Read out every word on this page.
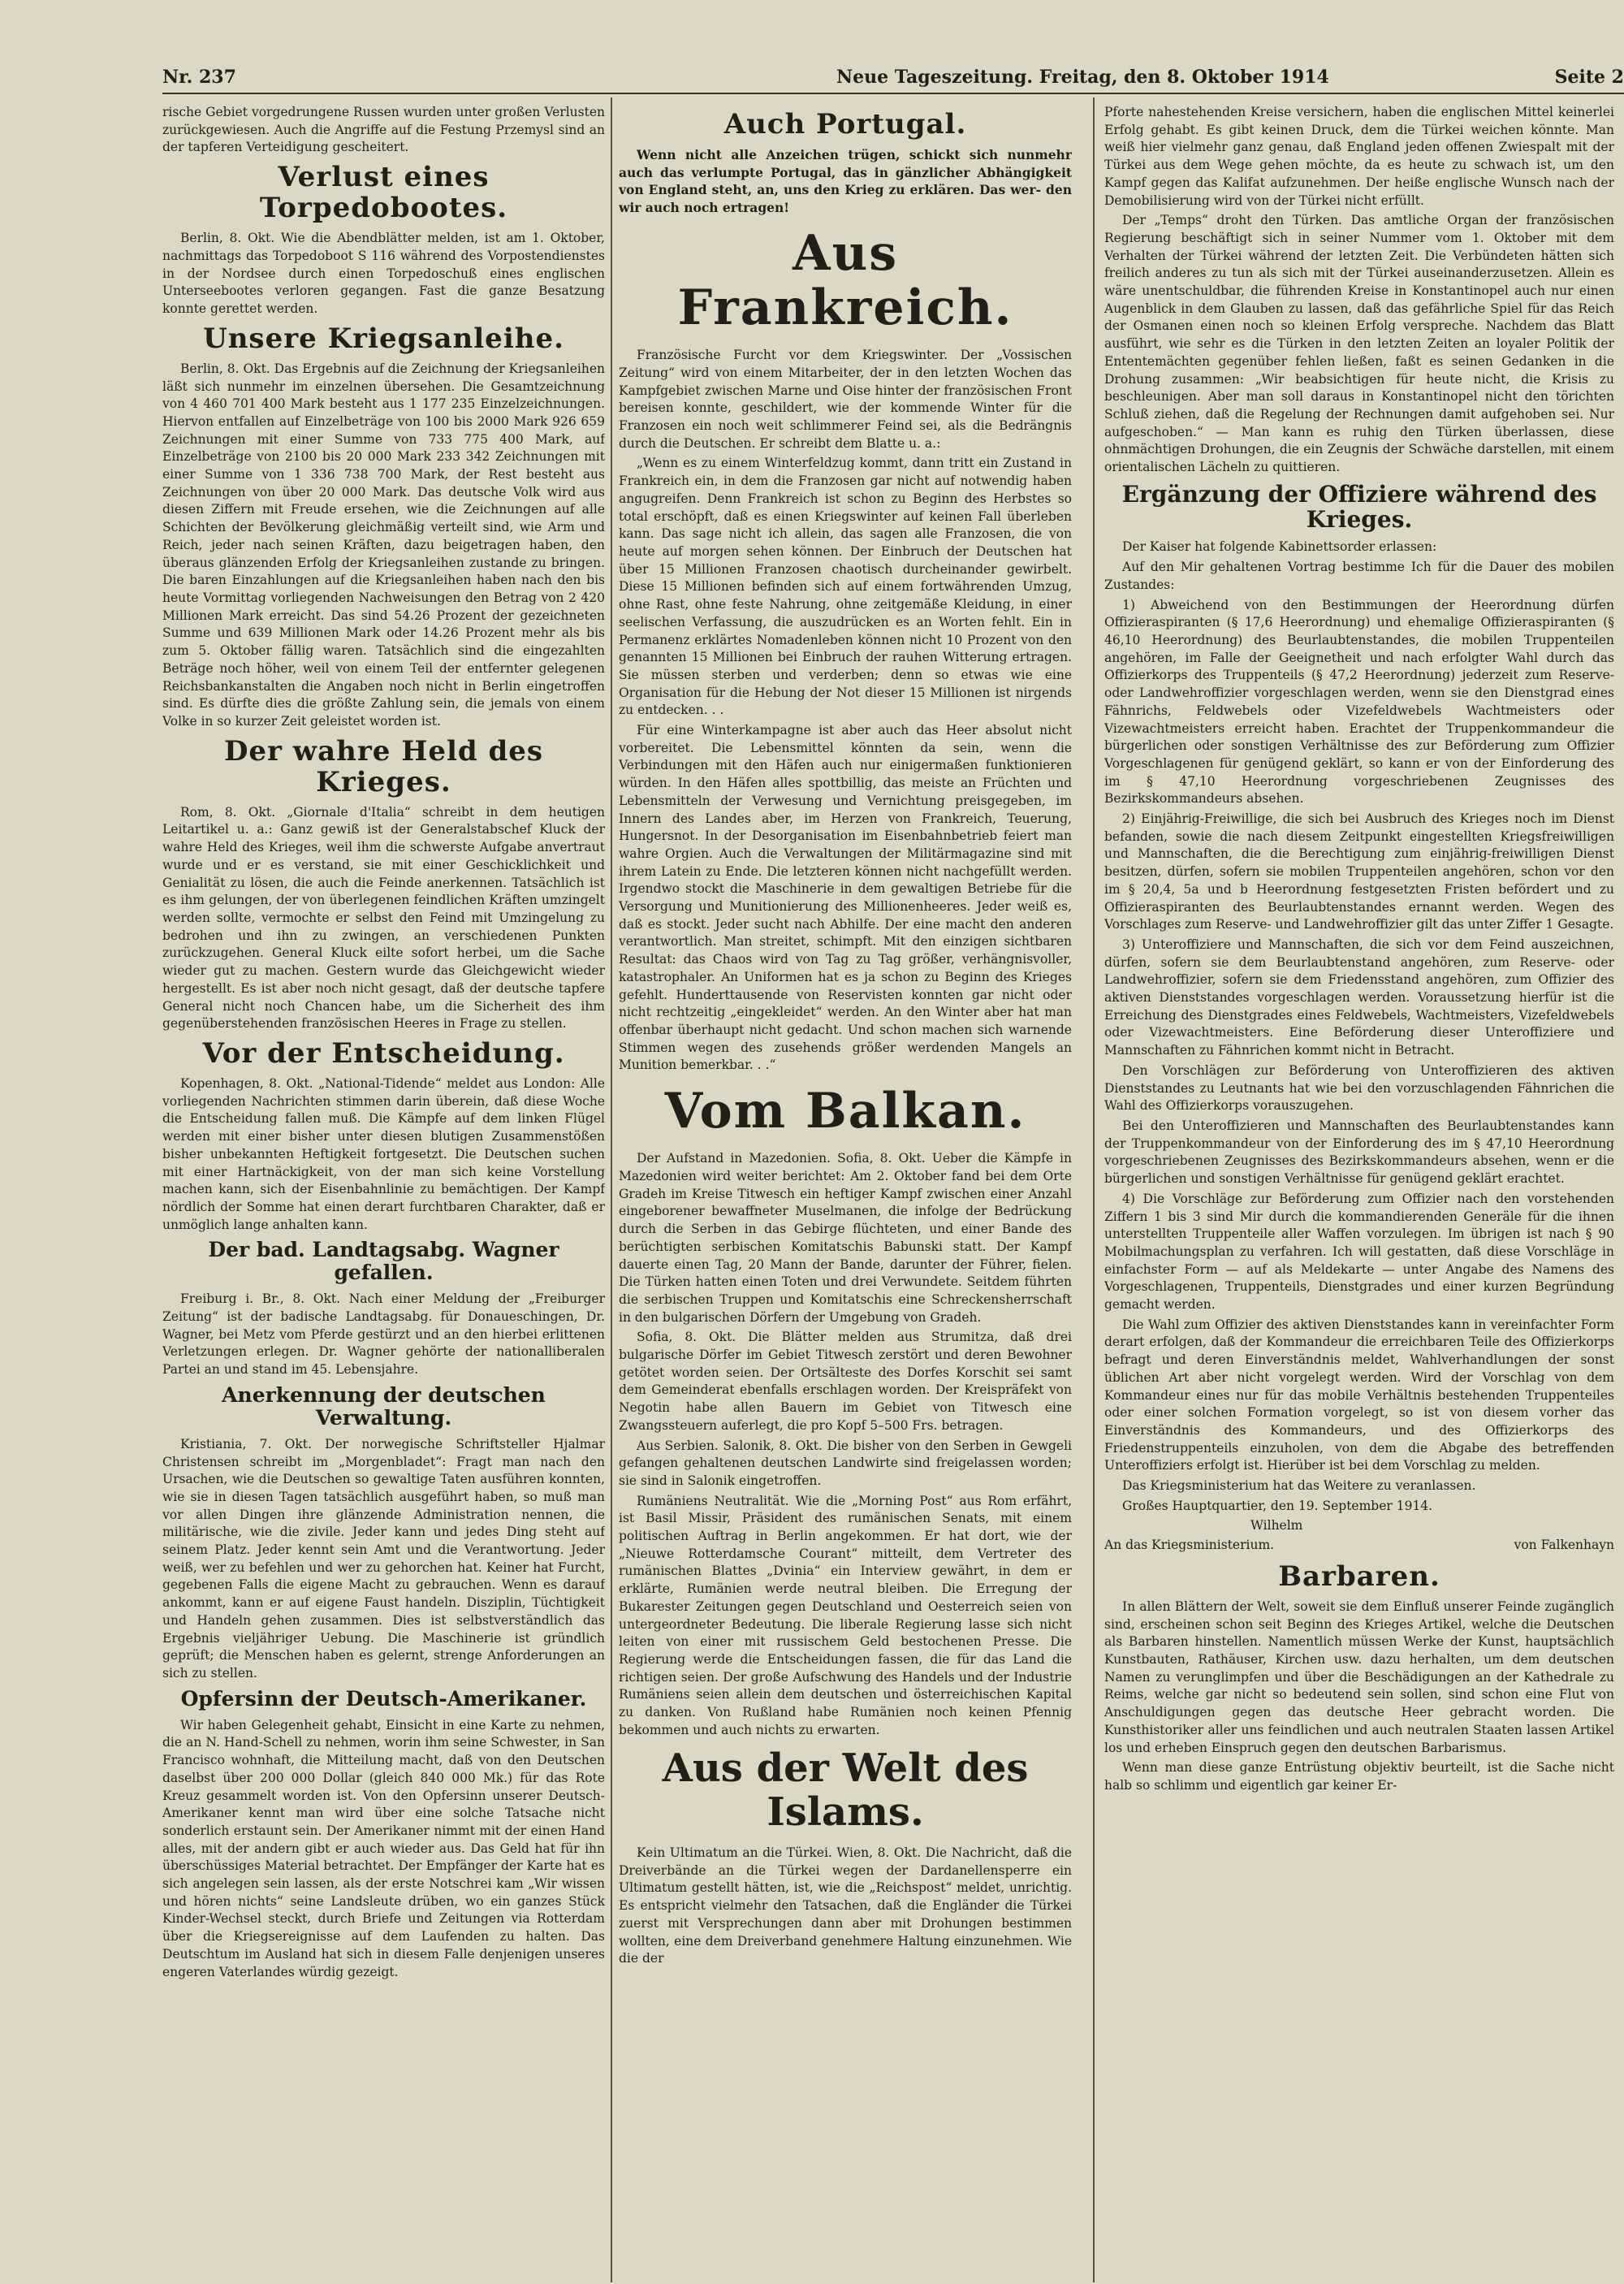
Nr. 237	Neue Tageszeitung. Freitag, den 8. Oktober 1914	Seite 2

rische Gebiet vorgedrungene Russen wurden unter großen Verlusten zurückgewiesen. Auch die Angriffe auf die Festung Przemysl sind an der tapferen Verteidigung gescheitert.

Verlust eines Torpedobootes.

Berlin, 8. Okt. Wie die Abendblätter melden, ist am 1. Oktober, nachmittags das Torpedoboot S 116 während des Vorpostendienstes in der Nordsee durch einen Torpedoschuß eines englischen Unterseebootes verloren gegangen. Fast die ganze Besatzung konnte gerettet werden.

Unsere Kriegsanleihe.

Berlin, 8. Okt. Das Ergebnis auf die Zeichnung der Kriegsanleihen läßt sich nunmehr im einzelnen übersehen. Die Gesamtzeichnung von 4 460 701 400 Mark besteht aus 1 177 235 Einzelzeichnungen. Hiervon entfallen auf Einzelbeträge von 100 bis 2000 Mark 926 659 Zeichnungen mit einer Summe von 733 775 400 Mark, auf Einzelbeträge von 2100 bis 20 000 Mark 233 342 Zeichnungen mit einer Summe von 1 336 738 700 Mark, der Rest besteht aus Zeichnungen von über 20 000 Mark. Das deutsche Volk wird aus diesen Ziffern mit Freude ersehen, wie die Zeichnungen auf alle Schichten der Bevölkerung gleichmäßig verteilt sind, wie Arm und Reich, jeder nach seinen Kräften, dazu beigetragen haben, den überaus glänzenden Erfolg der Kriegsanleihen zustande zu bringen. Die baren Einzahlungen auf die Kriegsanleihen haben nach den bis heute Vormittag vorliegenden Nachweisungen den Betrag von 2 420 Millionen Mark erreicht. Das sind 54.26 Prozent der gezeichneten Summe und 639 Millionen Mark oder 14.26 Prozent mehr als bis zum 5. Oktober fällig waren. Tatsächlich sind die eingezahlten Beträge noch höher, weil von einem Teil der entfernter gelegenen Reichsbankanstalten die Angaben noch nicht in Berlin eingetroffen sind. Es dürfte dies die größte Zahlung sein, die jemals von einem Volke in so kurzer Zeit geleistet worden ist.

Der wahre Held des Krieges.

Rom, 8. Okt. „Giornale d'Italia“ schreibt in dem heutigen Leitartikel u. a.: Ganz gewiß ist der Generalstabschef Kluck der wahre Held des Krieges, weil ihm die schwerste Aufgabe anvertraut wurde und er es verstand, sie mit einer Geschicklichkeit und Genialität zu lösen, die auch die Feinde anerkennen. Tatsächlich ist es ihm gelungen, der von überlegenen feindlichen Kräften umzingelt werden sollte, vermochte er selbst den Feind mit Umzingelung zu bedrohen und ihn zu zwingen, an verschiedenen Punkten zurückzugehen. General Kluck eilte sofort herbei, um die Sache wieder gut zu machen. Gestern wurde das Gleichgewicht wieder hergestellt. Es ist aber noch nicht gesagt, daß der deutsche tapfere General nicht noch Chancen habe, um die Sicherheit des ihm gegenüberstehenden französischen Heeres in Frage zu stellen.

Vor der Entscheidung.

Kopenhagen, 8. Okt. „National-Tidende“ meldet aus London: Alle vorliegenden Nachrichten stimmen darin überein, daß diese Woche die Entscheidung fallen muß. Die Kämpfe auf dem linken Flügel werden mit einer bisher unter diesen blutigen Zusammenstößen bisher unbekannten Heftigkeit fortgesetzt. Die Deutschen suchen mit einer Hartnäckigkeit, von der man sich keine Vorstellung machen kann, sich der Eisenbahnlinie zu bemächtigen. Der Kampf nördlich der Somme hat einen derart furchtbaren Charakter, daß er unmöglich lange anhalten kann.

Der bad. Landtagsabg. Wagner gefallen.

Freiburg i. Br., 8. Okt. Nach einer Meldung der „Freiburger Zeitung“ ist der badische Landtagsabg. für Donaueschingen, Dr. Wagner, bei Metz vom Pferde gestürzt und an den hierbei erlittenen Verletzungen erlegen. Dr. Wagner gehörte der nationalliberalen Partei an und stand im 45. Lebensjahre.

Anerkennung der deutschen Verwaltung.

Kristiania, 7. Okt. Der norwegische Schriftsteller Hjalmar Christensen schreibt im „Morgenbladet“: Fragt man nach den Ursachen, wie die Deutschen so gewaltige Taten ausführen konnten, wie sie in diesen Tagen tatsächlich ausgeführt haben, so muß man vor allen Dingen ihre glänzende Administration nennen, die militärische, wie die zivile. Jeder kann und jedes Ding steht auf seinem Platz. Jeder kennt sein Amt und die Verantwortung. Jeder weiß, wer zu befehlen und wer zu gehorchen hat. Keiner hat Furcht, gegebenen Falls die eigene Macht zu gebrauchen. Wenn es darauf ankommt, kann er auf eigene Faust handeln. Disziplin, Tüchtigkeit und Handeln gehen zusammen. Dies ist selbstverständlich das Ergebnis vieljähriger Uebung. Die Maschinerie ist gründlich geprüft; die Menschen haben es gelernt, strenge Anforderungen an sich zu stellen.

Opfersinn der Deutsch-Amerikaner.

Wir haben Gelegenheit gehabt, Einsicht in eine Karte zu nehmen, die an N. Hand-Schell zu nehmen, worin ihm seine Schwester, in San Francisco wohnhaft, die Mitteilung macht, daß von den Deutschen daselbst über 200 000 Dollar (gleich 840 000 Mk.) für das Rote Kreuz gesammelt worden ist. Von den Opfersinn unserer Deutsch-Amerikaner kennt man wird über eine solche Tatsache nicht sonderlich erstaunt sein. Der Amerikaner nimmt mit der einen Hand alles, mit der andern gibt er auch wieder aus. Das Geld hat für ihn überschüssiges Material betrachtet. Der Empfänger der Karte hat es sich angelegen sein lassen, als der erste Notschrei kam „Wir wissen und hören nichts“ seine Landsleute drüben, wo ein ganzes Stück Kinder-Wechsel steckt, durch Briefe und Zeitungen via Rotterdam über die Kriegsereignisse auf dem Laufenden zu halten. Das Deutschtum im Ausland hat sich in diesem Falle denjenigen unseres engeren Vaterlandes würdig gezeigt.

Auch Portugal.

Wenn nicht alle Anzeichen trügen, schickt sich nunmehr auch das verlumpte Portugal, das in gänzlicher Abhängigkeit von England steht, an, uns den Krieg zu erklären. Das wer- den wir auch noch ertragen!

Aus Frankreich.

Französische Furcht vor dem Kriegswinter. Der „Vossischen Zeitung“ wird von einem Mitarbeiter, der in den letzten Wochen das Kampfgebiet zwischen Marne und Oise hinter der französischen Front bereisen konnte, geschildert, wie der kommende Winter für die Franzosen ein noch weit schlimmerer Feind sei, als die Bedrängnis durch die Deutschen. Er schreibt dem Blatte u. a.:

„Wenn es zu einem Winterfeldzug kommt, dann tritt ein Zustand in Frankreich ein, in dem die Franzosen gar nicht auf notwendig haben angugreifen. Denn Frankreich ist schon zu Beginn des Herbstes so total erschöpft, daß es einen Kriegswinter auf keinen Fall überleben kann. Das sage nicht ich allein, das sagen alle Franzosen, die von heute auf morgen sehen können. Der Einbruch der Deutschen hat über 15 Millionen Franzosen chaotisch durcheinander gewirbelt. Diese 15 Millionen befinden sich auf einem fortwährenden Umzug, ohne Rast, ohne feste Nahrung, ohne zeitgemäße Kleidung, in einer seelischen Verfassung, die auszudrücken es an Worten fehlt. Ein in Permanenz erklärtes Nomadenleben können nicht 10 Prozent von den genannten 15 Millionen bei Einbruch der rauhen Witterung ertragen. Sie müssen sterben und verderben; denn so etwas wie eine Organisation für die Hebung der Not dieser 15 Millionen ist nirgends zu entdecken. . .

Für eine Winterkampagne ist aber auch das Heer absolut nicht vorbereitet. Die Lebensmittel könnten da sein, wenn die Verbindungen mit den Häfen auch nur einigermaßen funktionieren würden. In den Häfen alles spottbillig, das meiste an Früchten und Lebensmitteln der Verwesung und Vernichtung preisgegeben, im Innern des Landes aber, im Herzen von Frankreich, Teuerung, Hungersnot. In der Desorganisation im Eisenbahnbetrieb feiert man wahre Orgien. Auch die Verwaltungen der Militärmagazine sind mit ihrem Latein zu Ende. Die letzteren können nicht nachgefüllt werden. Irgendwo stockt die Maschinerie in dem gewaltigen Betriebe für die Versorgung und Munitionierung des Millionenheeres. Jeder weiß es, daß es stockt. Jeder sucht nach Abhilfe. Der eine macht den anderen verantwortlich. Man streitet, schimpft. Mit den einzigen sichtbaren Resultat: das Chaos wird von Tag zu Tag größer, verhängnisvoller, katastrophaler. An Uniformen hat es ja schon zu Beginn des Krieges gefehlt. Hunderttausende von Reservisten konnten gar nicht oder nicht rechtzeitig „eingekleidet“ werden. An den Winter aber hat man offenbar überhaupt nicht gedacht. Und schon machen sich warnende Stimmen wegen des zusehends größer werdenden Mangels an Munition bemerkbar. . .“

Vom Balkan.

Der Aufstand in Mazedonien. Sofia, 8. Okt. Ueber die Kämpfe in Mazedonien wird weiter berichtet: Am 2. Oktober fand bei dem Orte Gradeh im Kreise Titwesch ein heftiger Kampf zwischen einer Anzahl eingeborener bewaffneter Muselmanen, die infolge der Bedrückung durch die Serben in das Gebirge flüchteten, und einer Bande des berüchtigten serbischen Komitatschis Babunski statt. Der Kampf dauerte einen Tag, 20 Mann der Bande, darunter der Führer, fielen. Die Türken hatten einen Toten und drei Verwundete. Seitdem führten die serbischen Truppen und Komitatschis eine Schreckensherrschaft in den bulgarischen Dörfern der Umgebung von Gradeh.

Sofia, 8. Okt. Die Blätter melden aus Strumitza, daß drei bulgarische Dörfer im Gebiet Titwesch zerstört und deren Bewohner getötet worden seien. Der Ortsälteste des Dorfes Korschit sei samt dem Gemeinderat ebenfalls erschlagen worden. Der Kreispräfekt von Negotin habe allen Bauern im Gebiet von Titwesch eine Zwangssteuern auferlegt, die pro Kopf 5–500 Frs. betragen.

Aus Serbien. Salonik, 8. Okt. Die bisher von den Serben in Gewgeli gefangen gehaltenen deutschen Landwirte sind freigelassen worden; sie sind in Salonik eingetroffen.

Rumäniens Neutralität. Wie die „Morning Post“ aus Rom erfährt, ist Basil Missir, Präsident des rumänischen Senats, mit einem politischen Auftrag in Berlin angekommen. Er hat dort, wie der „Nieuwe Rotterdamsche Courant“ mitteilt, dem Vertreter des rumänischen Blattes „Dvinia“ ein Interview gewährt, in dem er erklärte, Rumänien werde neutral bleiben. Die Erregung der Bukarester Zeitungen gegen Deutschland und Oesterreich seien von untergeordneter Bedeutung. Die liberale Regierung lasse sich nicht leiten von einer mit russischem Geld bestochenen Presse. Die Regierung werde die Entscheidungen fassen, die für das Land die richtigen seien. Der große Aufschwung des Handels und der Industrie Rumäniens seien allein dem deutschen und österreichischen Kapital zu danken. Von Rußland habe Rumänien noch keinen Pfennig bekommen und auch nichts zu erwarten.

Aus der Welt des Islams.

Kein Ultimatum an die Türkei. Wien, 8. Okt. Die Nachricht, daß die Dreiverbände an die Türkei wegen der Dardanellensperre ein Ultimatum gestellt hätten, ist, wie die „Reichspost“ meldet, unrichtig. Es entspricht vielmehr den Tatsachen, daß die Engländer die Türkei zuerst mit Versprechungen dann aber mit Drohungen bestimmen wollten, eine dem Dreiverband genehmere Haltung einzunehmen. Wie die der

Pforte nahestehenden Kreise versichern, haben die englischen Mittel keinerlei Erfolg gehabt. Es gibt keinen Druck, dem die Türkei weichen könnte. Man weiß hier vielmehr ganz genau, daß England jeden offenen Zwiespalt mit der Türkei aus dem Wege gehen möchte, da es heute zu schwach ist, um den Kampf gegen das Kalifat aufzunehmen. Der heiße englische Wunsch nach der Demobilisierung wird von der Türkei nicht erfüllt.

Der „Temps“ droht den Türken. Das amtliche Organ der französischen Regierung beschäftigt sich in seiner Nummer vom 1. Oktober mit dem Verhalten der Türkei während der letzten Zeit. Die Verbündeten hätten sich freilich anderes zu tun als sich mit der Türkei auseinanderzusetzen. Allein es wäre unentschuldbar, die führenden Kreise in Konstantinopel auch nur einen Augenblick in dem Glauben zu lassen, daß das gefährliche Spiel für das Reich der Osmanen einen noch so kleinen Erfolg verspreche. Nachdem das Blatt ausführt, wie sehr es die Türken in den letzten Zeiten an loyaler Politik der Ententemächten gegenüber fehlen ließen, faßt es seinen Gedanken in die Drohung zusammen: „Wir beabsichtigen für heute nicht, die Krisis zu beschleunigen. Aber man soll daraus in Konstantinopel nicht den törichten Schluß ziehen, daß die Regelung der Rechnungen damit aufgehoben sei. Nur aufgeschoben.“ — Man kann es ruhig den Türken überlassen, diese ohnmächtigen Drohungen, die ein Zeugnis der Schwäche darstellen, mit einem orientalischen Lächeln zu quittieren.

Ergänzung der Offiziere während des Krieges.

Der Kaiser hat folgende Kabinettsorder erlassen:

Auf den Mir gehaltenen Vortrag bestimme Ich für die Dauer des mobilen Zustandes:

1) Abweichend von den Bestimmungen der Heerordnung dürfen Offizieraspiranten (§ 17,6 Heerordnung) und ehemalige Offizieraspiranten (§ 46,10 Heerordnung) des Beurlaubtenstandes, die mobilen Truppenteilen angehören, im Falle der Geeignetheit und nach erfolgter Wahl durch das Offizierkorps des Truppenteils (§ 47,2 Heerordnung) jederzeit zum Reserve- oder Landwehroffizier vorgeschlagen werden, wenn sie den Dienstgrad eines Fähnrichs, Feldwebels oder Vizefeldwebels Wachtmeisters oder Vizewachtmeisters erreicht haben. Erachtet der Truppenkommandeur die bürgerlichen oder sonstigen Verhältnisse des zur Beförderung zum Offizier Vorgeschlagenen für genügend geklärt, so kann er von der Einforderung des im § 47,10 Heerordnung vorgeschriebenen Zeugnisses des Bezirkskommandeurs absehen.

2) Einjährig-Freiwillige, die sich bei Ausbruch des Krieges noch im Dienst befanden, sowie die nach diesem Zeitpunkt eingestellten Kriegsfreiwilligen und Mannschaften, die die Berechtigung zum einjährig-freiwilligen Dienst besitzen, dürfen, sofern sie mobilen Truppenteilen angehören, schon vor den im § 20,4, 5a und b Heerordnung festgesetzten Fristen befördert und zu Offizieraspiranten des Beurlaubtenstandes ernannt werden. Wegen des Vorschlages zum Reserve- und Landwehroffizier gilt das unter Ziffer 1 Gesagte.

3) Unteroffiziere und Mannschaften, die sich vor dem Feind auszeichnen, dürfen, sofern sie dem Beurlaubtenstand angehören, zum Reserve- oder Landwehroffizier, sofern sie dem Friedensstand angehören, zum Offizier des aktiven Dienststandes vorgeschlagen werden. Voraussetzung hierfür ist die Erreichung des Dienstgrades eines Feldwebels, Wachtmeisters, Vizefeldwebels oder Vizewachtmeisters. Eine Beförderung dieser Unteroffiziere und Mannschaften zu Fähnrichen kommt nicht in Betracht.

Den Vorschlägen zur Beförderung von Unteroffizieren des aktiven Dienststandes zu Leutnants hat wie bei den vorzuschlagenden Fähnrichen die Wahl des Offizierkorps vorauszugehen.

Bei den Unteroffizieren und Mannschaften des Beurlaubtenstandes kann der Truppenkommandeur von der Einforderung des im § 47,10 Heerordnung vorgeschriebenen Zeugnisses des Bezirkskommandeurs absehen, wenn er die bürgerlichen und sonstigen Verhältnisse für genügend geklärt erachtet.

4) Die Vorschläge zur Beförderung zum Offizier nach den vorstehenden Ziffern 1 bis 3 sind Mir durch die kommandierenden Generäle für die ihnen unterstellten Truppenteile aller Waffen vorzulegen. Im übrigen ist nach § 90 Mobilmachungsplan zu verfahren. Ich will gestatten, daß diese Vorschläge in einfachster Form — auf als Meldekarte — unter Angabe des Namens des Vorgeschlagenen, Truppenteils, Dienstgrades und einer kurzen Begründung gemacht werden.

Die Wahl zum Offizier des aktiven Dienststandes kann in vereinfachter Form derart erfolgen, daß der Kommandeur die erreichbaren Teile des Offizierkorps befragt und deren Einverständnis meldet, Wahlverhandlungen der sonst üblichen Art aber nicht vorgelegt werden. Wird der Vorschlag von dem Kommandeur eines nur für das mobile Verhältnis bestehenden Truppenteiles oder einer solchen Formation vorgelegt, so ist von diesem vorher das Einverständnis des Kommandeurs, und des Offizierkorps des Friedenstruppenteils einzuholen, von dem die Abgabe des betreffenden Unteroffiziers erfolgt ist. Hierüber ist bei dem Vorschlag zu melden.

Das Kriegsministerium hat das Weitere zu veranlassen.

Großes Hauptquartier, den 19. September 1914.

Wilhelm
An das Kriegsministerium.	von Falkenhayn
Barbaren.

In allen Blättern der Welt, soweit sie dem Einfluß unserer Feinde zugänglich sind, erscheinen schon seit Beginn des Krieges Artikel, welche die Deutschen als Barbaren hinstellen. Namentlich müssen Werke der Kunst, hauptsächlich Kunstbauten, Rathäuser, Kirchen usw. dazu herhalten, um dem deutschen Namen zu verunglimpfen und über die Beschädigungen an der Kathedrale zu Reims, welche gar nicht so bedeutend sein sollen, sind schon eine Flut von Anschuldigungen gegen das deutsche Heer gebracht worden. Die Kunsthistoriker aller uns feindlichen und auch neutralen Staaten lassen Artikel los und erheben Einspruch gegen den deutschen Barbarismus.

Wenn man diese ganze Entrüstung objektiv beurteilt, ist die Sache nicht halb so schlimm und eigentlich gar keiner Er-
